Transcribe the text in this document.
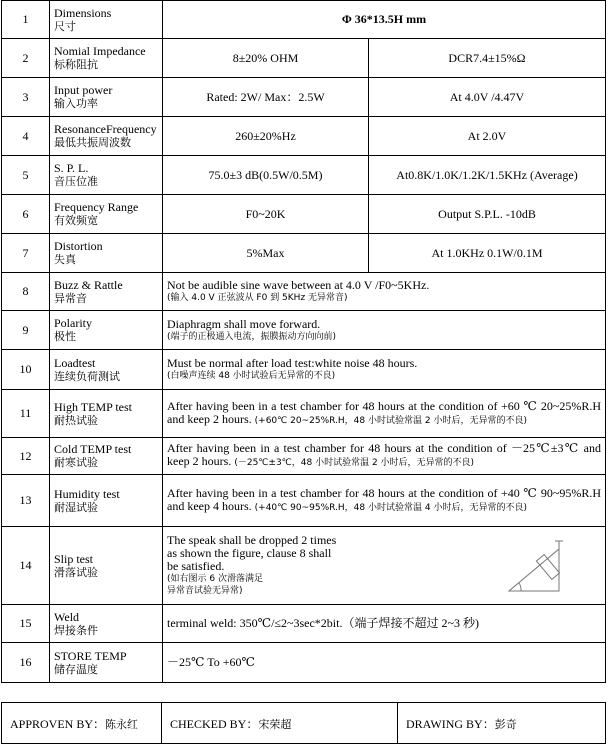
1	Dimensions
尺寸	Φ 36*13.5H mm	
2	Nomial Impedance
标称阻抗	8±20% OHM	DCR7.4±15%Ω
3	Input power
输入功率	Rated: 2W/ Max：2.5W	At 4.0V /4.47V
4	ResonanceFrequency
最低共振周波数	260±20%Hz	At 2.0V
5	S. P. L.
音压位准	75.0±3 dB(0.5W/0.5M)	At0.8K/1.0K/1.2K/1.5KHz (Average)
6	Frequency Range
有效频宽	F0~20K	Output S.P.L. -10dB
7	Distortion
失真	5%Max	At 1.0KHz 0.1W/0.1M
8	Buzz & Rattle
异常音	Not be audible sine wave between at 4.0 V /F0~5KHz.
(输入 4.0 V 正弦波从 F0 到 5KHz 无异常音)	

9	Polarity
极性	Diaphragm shall move forward.
(端子的正极通入电流，振膜振动方向向前)	

10	Loadtest
连续负荷测试	Must be normal after load test:white noise 48 hours.
(白噪声连续 48 小时试验后无异常的不良)	

11	High TEMP test
耐热试验	After having been in a test chamber for 48 hours at the condition of +60 ℃ 20~25%R.H and keep 2 hours. (+60℃ 20~25%R.H，48 小时试验常温 2 小时后，无异常的不良)	
12	Cold TEMP test
耐寒试验	After having been in a test chamber for 48 hours at the condition of －25℃±3℃ and keep 2 hours. (－25℃±3℃，48 小时试验常温 2 小时后，无异常的不良)	
13	Humidity test
耐湿试验	After having been in a test chamber for 48 hours at the condition of +40 ℃ 90~95%R.H and keep 4 hours. (+40℃ 90~95%R.H，48 小时试验常温 4 小时后，无异常的不良)	
14	Slip test
滑落试验	The speak shall be dropped 2 times
as shown the figure, clause 8 shall
be satisfied.
(如右图示 6 次滑落满足
异常音试验无异常)	

15	Weld
焊接条件	terminal weld: 350℃/≤2~3sec*2bit.（端子焊接不超过 2~3 秒)	
16	STORE TEMP
储存温度	－25℃ To +60℃	
APPROVEN BY：陈永红	CHECKED BY：宋荣超	DRAWING BY：彭奇
